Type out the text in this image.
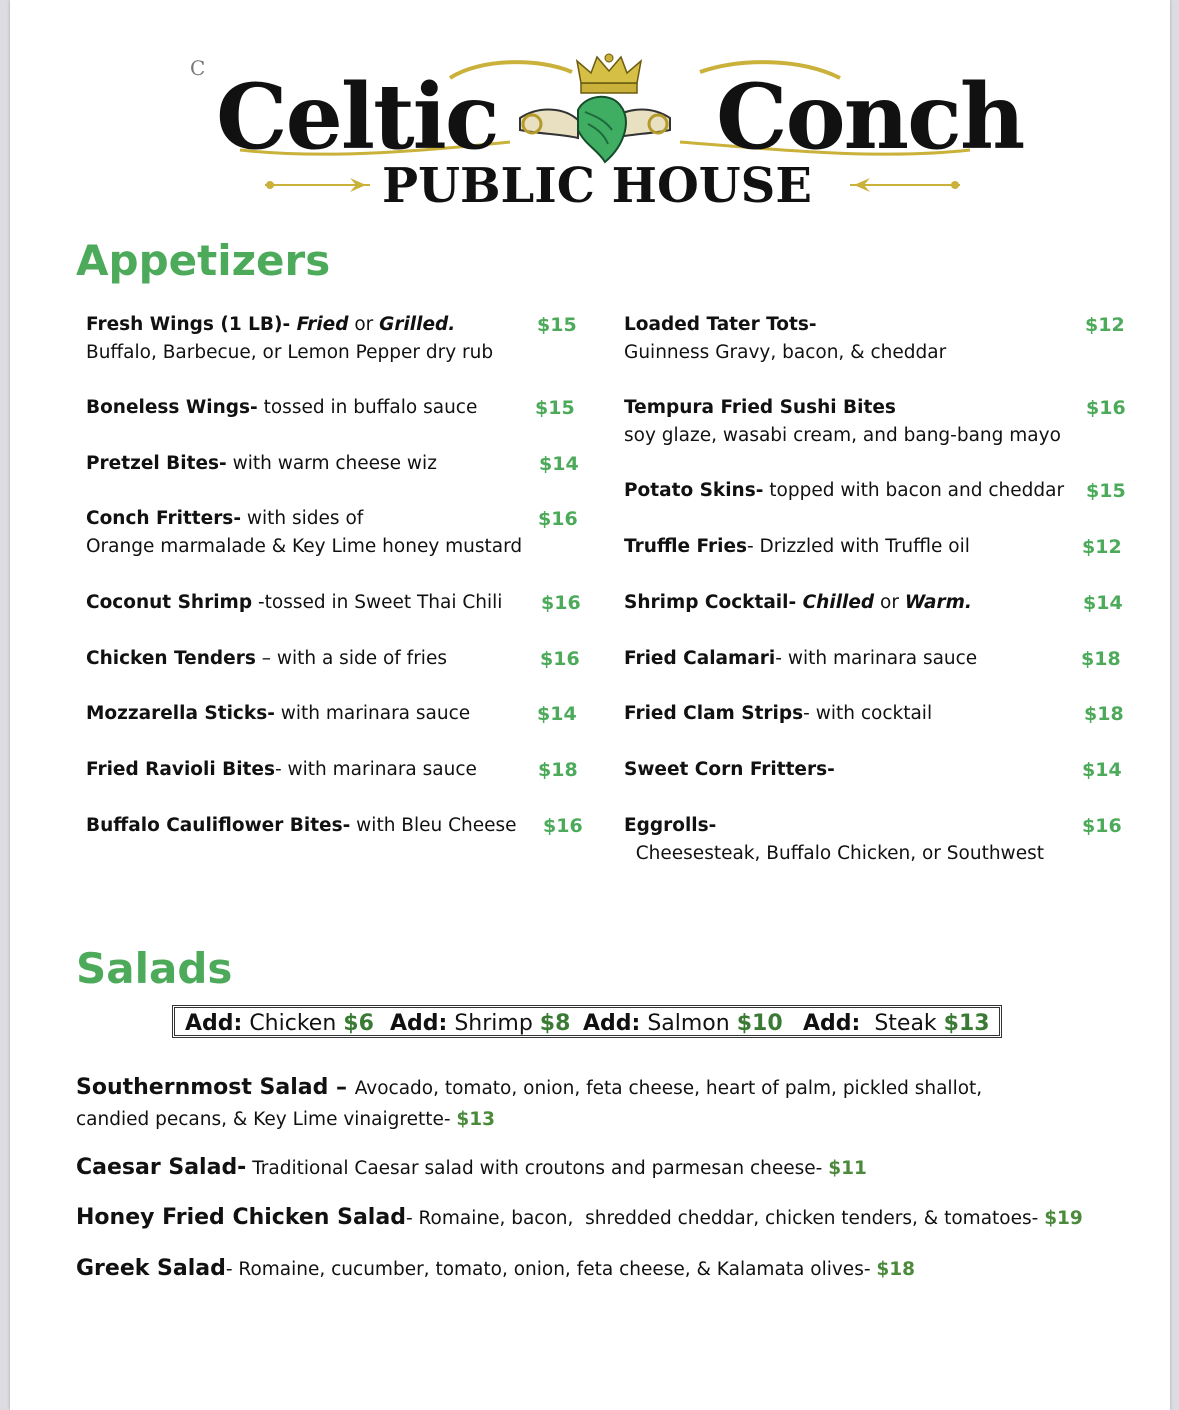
C Celtic Conch
PUBLIC HOUSE
Appetizers
Fresh Wings (1 LB)- Fried or Grilled.
Buffalo, Barbecue, or Lemon Pepper dry rub
$15
Boneless Wings- tossed in buffalo sauce	$15
Pretzel Bites- with warm cheese wiz	$14
Conch Fritters- with sides of
Orange marmalade & Key Lime honey mustard
$16
Coconut Shrimp -tossed in Sweet Thai Chili $16
Chicken Tenders – with a side of fries	$16
Mozzarella Sticks- with marinara sauce	$14
Fried Ravioli Bites- with marinara sauce	$18
Buffalo Cauliflower Bites- with Bleu Cheese $16
Loaded Tater Tots-
Guinness Gravy, bacon, & cheddar
$12
Tempura Fried Sushi Bites
soy glaze, wasabi cream, and bang-bang mayo
$16
Potato Skins- topped with bacon and cheddar $15
Truffle Fries- Drizzled with Truffle oil	$12
Shrimp Cocktail- Chilled or Warm.	$14
Fried Calamari- with marinara sauce	$18
Fried Clam Strips- with cocktail	$18
Sweet Corn Fritters-	$14
Eggrolls-
Cheesesteak, Buffalo Chicken, or Southwest
$16
Salads
Add: Chicken $6 Add: Shrimp $8 Add: Salmon $10 Add:  Steak $13
Southernmost Salad – Avocado, tomato, onion, feta cheese, heart of palm, pickled shallot,
candied pecans, & Key Lime vinaigrette- $13
Caesar Salad- Traditional Caesar salad with croutons and parmesan cheese- $11
Honey Fried Chicken Salad- Romaine, bacon,  shredded cheddar, chicken tenders, & tomatoes- $19
Greek Salad- Romaine, cucumber, tomato, onion, feta cheese, & Kalamata olives- $18
